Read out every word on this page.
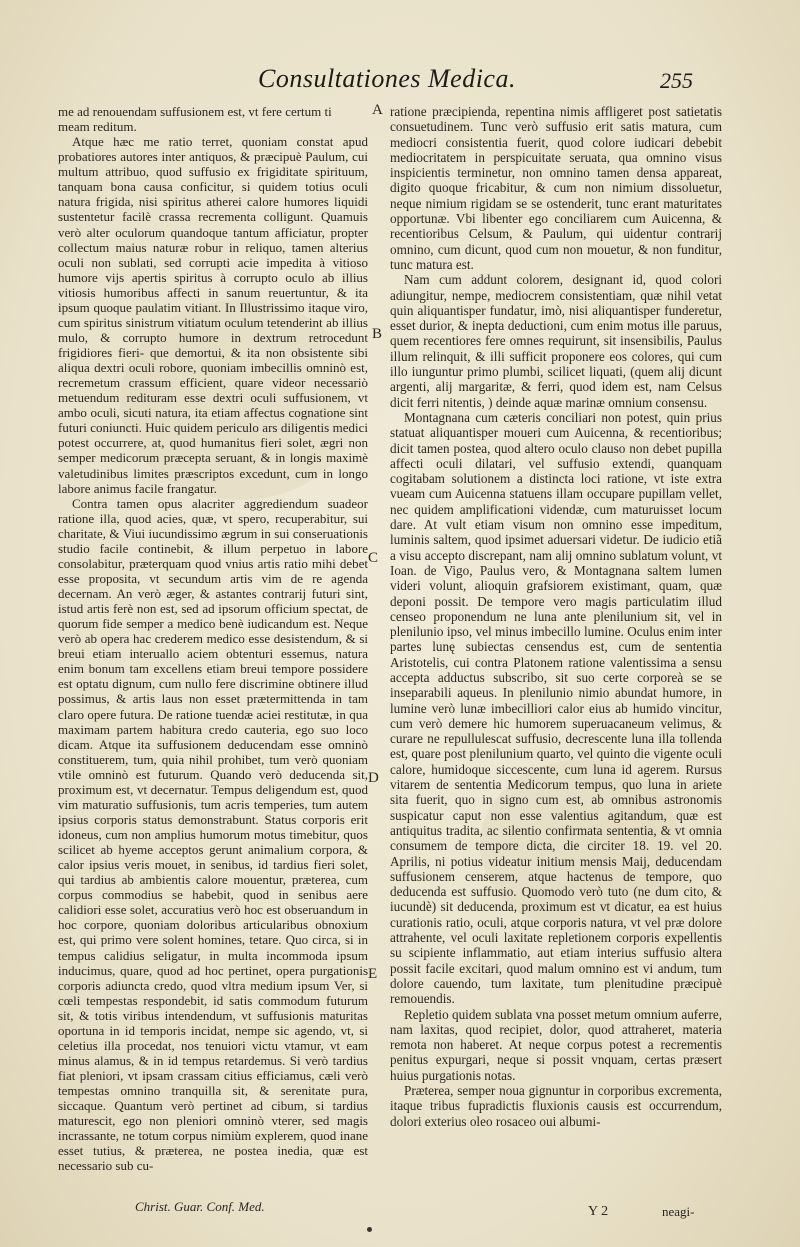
Consultationes Medica.	255

me ad renouendam suffusionem est, vt fere certum ti

meam reditum.

Atque hæc me ratio terret, quoniam constat apud probatiores autores inter antiquos, & præcipuè Paulum, cui multum attribuo, quod suffusio ex frigiditate spirituum, tanquam bona causa conficitur, si quidem totius oculi natura frigida, nisi spiritus atherei calore humores liquidi sustentetur facilè crassa recrementa colligunt. Quamuis verò alter oculorum quandoque tantum afficiatur, propter collectum maius naturæ robur in reliquo, tamen alterius oculi non sublati, sed corrupti acie impedita à vitioso humore vijs apertis spiritus à corrupto oculo ab illius vitiosis humoribus affecti in sanum reuertuntur, & ita ipsum quoque paulatim vitiant. In Illustrissimo itaque viro, cum spiritus sinistrum vitiatum oculum tetenderint ab illius mulo, & corrupto humore in dextrum retrocedunt frigidiores fieri- que demortui, & ita non obsistente sibi aliqua dextri oculi robore, quoniam imbecillis omninò est, recremetum crassum efficient, quare videor necessariò metuendum redituram esse dextri oculi suffusionem, vt ambo oculi, sicuti natura, ita etiam affectus cognatione sint futuri coniuncti. Huic quidem periculo ars diligentis medici potest occurrere, at, quod humanitus fieri solet, ægri non semper medicorum præcepta seruant, & in longis maximè valetudinibus limites præscriptos excedunt, cum in longo labore animus facile frangatur.

Contra tamen opus alacriter aggrediendum suadeor ratione illa, quod acies, quæ, vt spero, recuperabitur, sui charitate, & Viui iucundissimo ægrum in sui conseruationis studio facile continebit, & illum perpetuo in labore consolabitur, præterquam quod vnius artis ratio mihi debet esse proposita, vt secundum artis vim de re agenda decernam. An verò æger, & astantes contrarij futuri sint, istud artis ferè non est, sed ad ipsorum officium spectat, de quorum fide semper a medico benè iudicandum est. Neque verò ab opera hac crederem medico esse desistendum, & si breui etiam interuallo aciem obtenturi essemus, natura enim bonum tam excellens etiam breui tempore possidere est optatu dignum, cum nullo fere discrimine obtinere illud possimus, & artis laus non esset prætermittenda in tam claro opere futura. De ratione tuendæ aciei restitutæ, in qua maximam partem habitura credo cauteria, ego suo loco dicam. Atque ita suffusionem deducendam esse omninò constituerem, tum, quia nihil prohibet, tum verò quoniam vtile omninò est futurum. Quando verò deducenda sit, proximum est, vt decernatur. Tempus deligendum est, quod vim maturatio suffusionis, tum acris temperies, tum autem ipsius corporis status demonstrabunt. Status corporis erit idoneus, cum non amplius humorum motus timebitur, quos scilicet ab hyeme acceptos gerunt animalium corpora, & calor ipsius veris mouet, in senibus, id tardius fieri solet, qui tardius ab ambientis calore mouentur, præterea, cum corpus commodius se habebit, quod in senibus aere calidiori esse solet, accuratius verò hoc est obseruandum in hoc corpore, quoniam doloribus articularibus obnoxium est, qui primo vere solent homines, tetare. Quo circa, si in tempus calidius seligatur, in multa incommoda ipsum inducimus, quare, quod ad hoc pertinet, opera purgationis corporis adiuncta credo, quod vltra medium ipsum Ver, si cœli tempestas respondebit, id satis commodum futurum sit, & totis viribus intendendum, vt suffusionis maturitas oportuna in id temporis incidat, nempe sic agendo, vt, si celetius illa procedat, nos tenuiori victu vtamur, vt eam minus alamus, & in id tempus retardemus. Si verò tardius fiat pleniori, vt ipsam crassam citius efficiamus, cæli verò tempestas omnino tranquilla sit, & serenitate pura, siccaque. Quantum verò pertinet ad cibum, si tardius maturescit, ego non pleniori omninò vterer, sed magis incrassante, ne totum corpus nimiùm explerem, quod inane esset tutius, & præterea, ne postea inedia, quæ est necessario sub cu-

A
B
C
D
E

ratione præcipienda, repentina nimis affligeret post satietatis consuetudinem. Tunc verò suffusio erit satis matura, cum mediocri consistentia fuerit, quod colore iudicari debebit mediocritatem in perspicuitate seruata, qua omnino visus inspicientis terminetur, non omnino tamen densa appareat, digito quoque fricabitur, & cum non nimium dissoluetur, neque nimium rigidam se se ostenderit, tunc erant maturitates opportunæ. Vbi libenter ego conciliarem cum Auicenna, & recentioribus Celsum, & Paulum, qui uidentur contrarij omnino, cum dicunt, quod cum non mouetur, & non funditur, tunc matura est.

Nam cum addunt colorem, designant id, quod colori adiungitur, nempe, mediocrem consistentiam, quæ nihil vetat quin aliquantisper fundatur, imò, nisi aliquantisper funderetur, esset durior, & inepta deductioni, cum enim motus ille paruus, quem recentiores fere omnes requirunt, sit insensibilis, Paulus illum relinquit, & illi sufficit proponere eos colores, qui cum illo iunguntur primo plumbi, scilicet liquati, (quem alij dicunt argenti, alij margaritæ, & ferri, quod idem est, nam Celsus dicit ferri nitentis, ) deinde aquæ marinæ omnium consensu.

Montagnana cum cæteris conciliari non potest, quin prius statuat aliquantisper moueri cum Auicenna, & recentioribus; dicit tamen postea, quod altero oculo clauso non debet pupilla affecti oculi dilatari, vel suffusio extendi, quanquam cogitabam solutionem a distincta loci ratione, vt iste extra vueam cum Auicenna statuens illam occupare pupillam vellet, nec quidem amplificationi videndæ, cum maturuisset locum dare. At vult etiam visum non omnino esse impeditum, luminis saltem, quod ipsimet aduersari videtur. De iudicio etiã a visu accepto discrepant, nam alij omnino sublatum volunt, vt Ioan. de Vigo, Paulus vero, & Montagnana saltem lumen videri volunt, alioquin grafsiorem existimant, quam, quæ deponi possit. De tempore vero magis particulatim illud censeo proponendum ne luna ante plenilunium sit, vel in plenilunio ipso, vel minus imbecillo lumine. Oculus enim inter partes lunę subiectas censendus est, cum de sententia Aristotelis, cui contra Platonem ratione valentissima a sensu accepta adductus subscribo, sit suo certe corporeà se se inseparabili aqueus. In plenilunio nimio abundat humore, in lumine verò lunæ imbecilliori calor eius ab humido vincitur, cum verò demere hic humorem superuacaneum velimus, & curare ne repullulescat suffusio, decrescente luna illa tollenda est, quare post plenilunium quarto, vel quinto die vigente oculi calore, humidoque siccescente, cum luna id agerem. Rursus vitarem de sententia Medicorum tempus, quo luna in ariete sita fuerit, quo in signo cum est, ab omnibus astronomis suspicatur caput non esse valentius agitandum, quæ est antiquitus tradita, ac silentio confirmata sententia, & vt omnia consumem de tempore dicta, die circiter 18. 19. vel 20. Aprilis, ni potius videatur initium mensis Maij, deducendam suffusionem censerem, atque hactenus de tempore, quo deducenda est suffusio. Quomodo verò tuto (ne dum cito, & iucundè) sit deducenda, proximum est vt dicatur, ea est huius curationis ratio, oculi, atque corporis natura, vt vel præ dolore attrahente, vel oculi laxitate repletionem corporis expellentis su scipiente inflammatio, aut etiam interius suffusio altera possit facile excitari, quod malum omnino est vi andum, tum dolore cauendo, tum laxitate, tum plenitudine præcipuè remouendis.

Repletio quidem sublata vna posset metum omnium auferre, nam laxitas, quod recipiet, dolor, quod attraheret, materia remota non haberet. At neque corpus potest a recrementis penitus expurgari, neque si possit vnquam, certas præsert huius purgationis notas.

Præterea, semper noua gignuntur in corporibus excrementa, itaque tribus fupradictis fluxionis causis est occurrendum, dolori exterius oleo rosaceo oui albumi-

Christ. Guar. Conf. Med.	Y 2	neagi-
